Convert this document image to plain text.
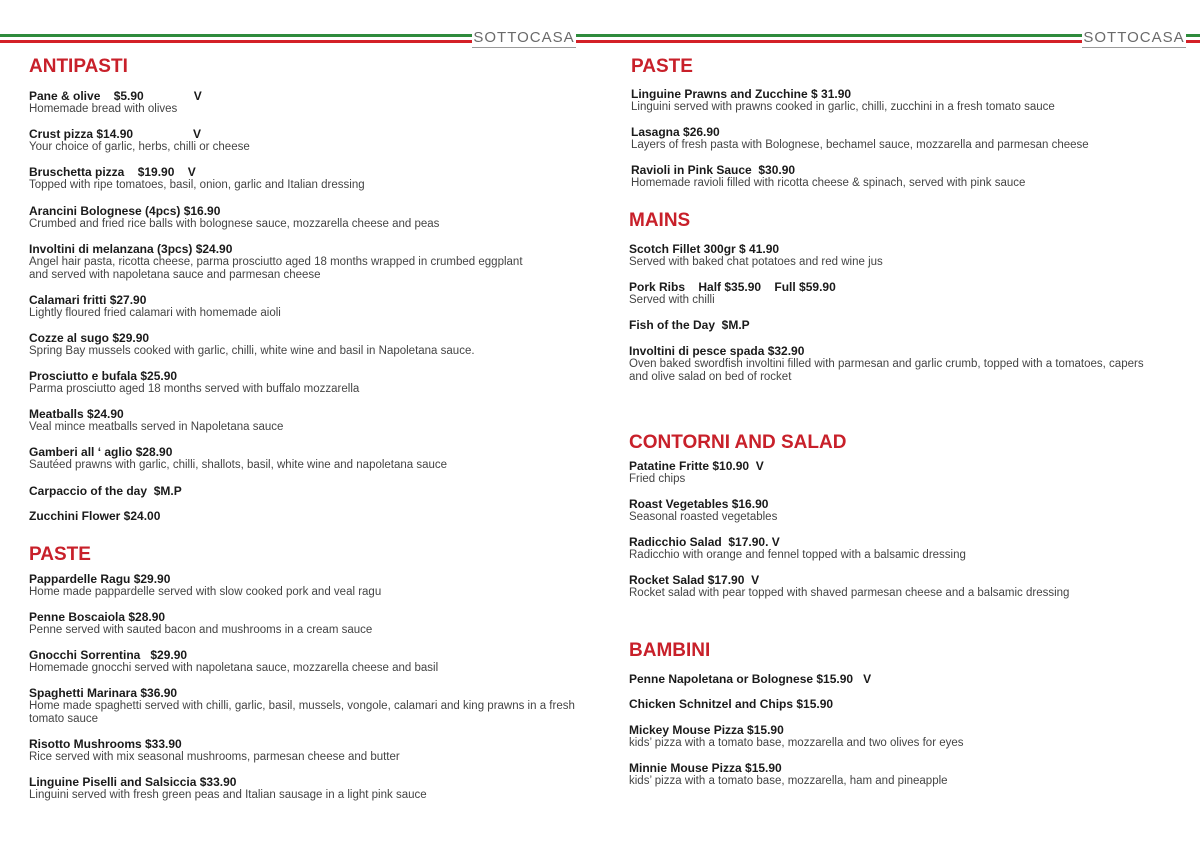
SOTTOCASA	SOTTOCASA
ANTIPASTI
Pane & olive    $5.90               V
Homemade bread with olives
Crust pizza $14.90                  V
Your choice of garlic, herbs, chilli or cheese
Bruschetta pizza    $19.90    V
Topped with ripe tomatoes, basil, onion, garlic and Italian dressing
Arancini Bolognese (4pcs) $16.90
Crumbed and fried rice balls with bolognese sauce, mozzarella cheese and peas
Involtini di melanzana (3pcs) $24.90
Angel hair pasta, ricotta cheese, parma prosciutto aged 18 months wrapped in crumbed eggplant and served with napoletana sauce and parmesan cheese
Calamari fritti $27.90
Lightly floured fried calamari with homemade aioli
Cozze al sugo $29.90
Spring Bay mussels cooked with garlic, chilli, white wine and basil in Napoletana sauce.
Prosciutto e bufala $25.90
Parma prosciutto aged 18 months served with buffalo mozzarella
Meatballs $24.90
Veal mince meatballs served in Napoletana sauce
Gamberi all ‘ aglio $28.90
Sautéed prawns with garlic, chilli, shallots, basil, white wine and napoletana sauce
Carpaccio of the day  $M.P
Zucchini Flower $24.00
PASTE
Pappardelle Ragu $29.90
Home made pappardelle served with slow cooked pork and veal ragu
Penne Boscaiola $28.90
Penne served with sauted bacon and mushrooms in a cream sauce
Gnocchi Sorrentina   $29.90
Homemade gnocchi served with napoletana sauce, mozzarella cheese and basil
Spaghetti Marinara $36.90
Home made spaghetti served with chilli, garlic, basil, mussels, vongole, calamari and king prawns in a fresh tomato sauce
Risotto Mushrooms $33.90
Rice served with mix seasonal mushrooms, parmesan cheese and butter
Linguine Piselli and Salsiccia $33.90
Linguini served with fresh green peas and Italian sausage in a light pink sauce
PASTE
Linguine Prawns and Zucchine $ 31.90
Linguini served with prawns cooked in garlic, chilli, zucchini in a fresh tomato sauce
Lasagna $26.90
Layers of fresh pasta with Bolognese, bechamel sauce, mozzarella and parmesan cheese
Ravioli in Pink Sauce  $30.90
Homemade ravioli filled with ricotta cheese & spinach, served with pink sauce
MAINS
Scotch Fillet 300gr $ 41.90
Served with baked chat potatoes and red wine jus
Pork Ribs    Half $35.90    Full $59.90
Served with chilli
Fish of the Day  $M.P
Involtini di pesce spada $32.90
Oven baked swordfish involtini filled with parmesan and garlic crumb, topped with a tomatoes, capers and olive salad on bed of rocket
CONTORNI AND SALAD
Patatine Fritte $10.90  V
Fried chips
Roast Vegetables $16.90
Seasonal roasted vegetables
Radicchio Salad  $17.90. V
Radicchio with orange and fennel topped with a balsamic dressing
Rocket Salad $17.90  V
Rocket salad with pear topped with shaved parmesan cheese and a balsamic dressing
BAMBINI
Penne Napoletana or Bolognese $15.90   V
Chicken Schnitzel and Chips $15.90
Mickey Mouse Pizza $15.90
kids’ pizza with a tomato base, mozzarella and two olives for eyes
Minnie Mouse Pizza $15.90
kids’ pizza with a tomato base, mozzarella, ham and pineapple
